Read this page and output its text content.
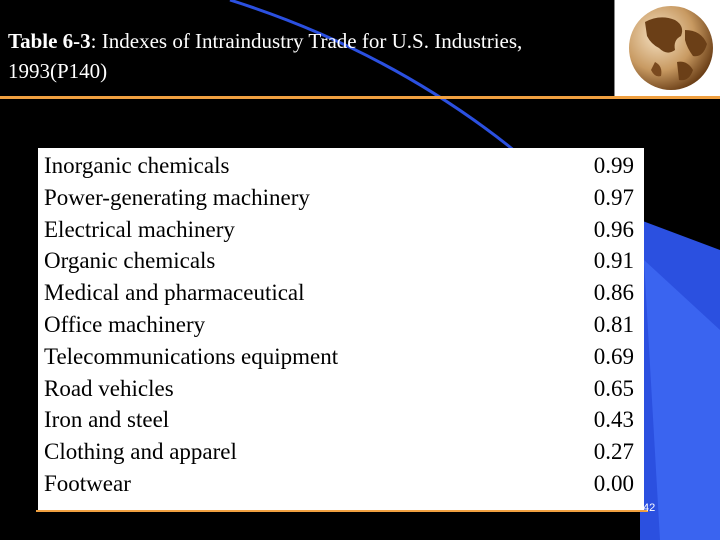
Table 6-3: Indexes of Intraindustry Trade for U.S. Industries, 1993(P140)
Inorganic chemicals	0.99
Power-generating machinery	0.97
Electrical machinery	0.96
Organic chemicals	0.91
Medical and pharmaceutical	0.86
Office machinery	0.81
Telecommunications equipment	0.69
Road vehicles	0.65
Iron and steel	0.43
Clothing and apparel	0.27
Footwear	0.00
42
